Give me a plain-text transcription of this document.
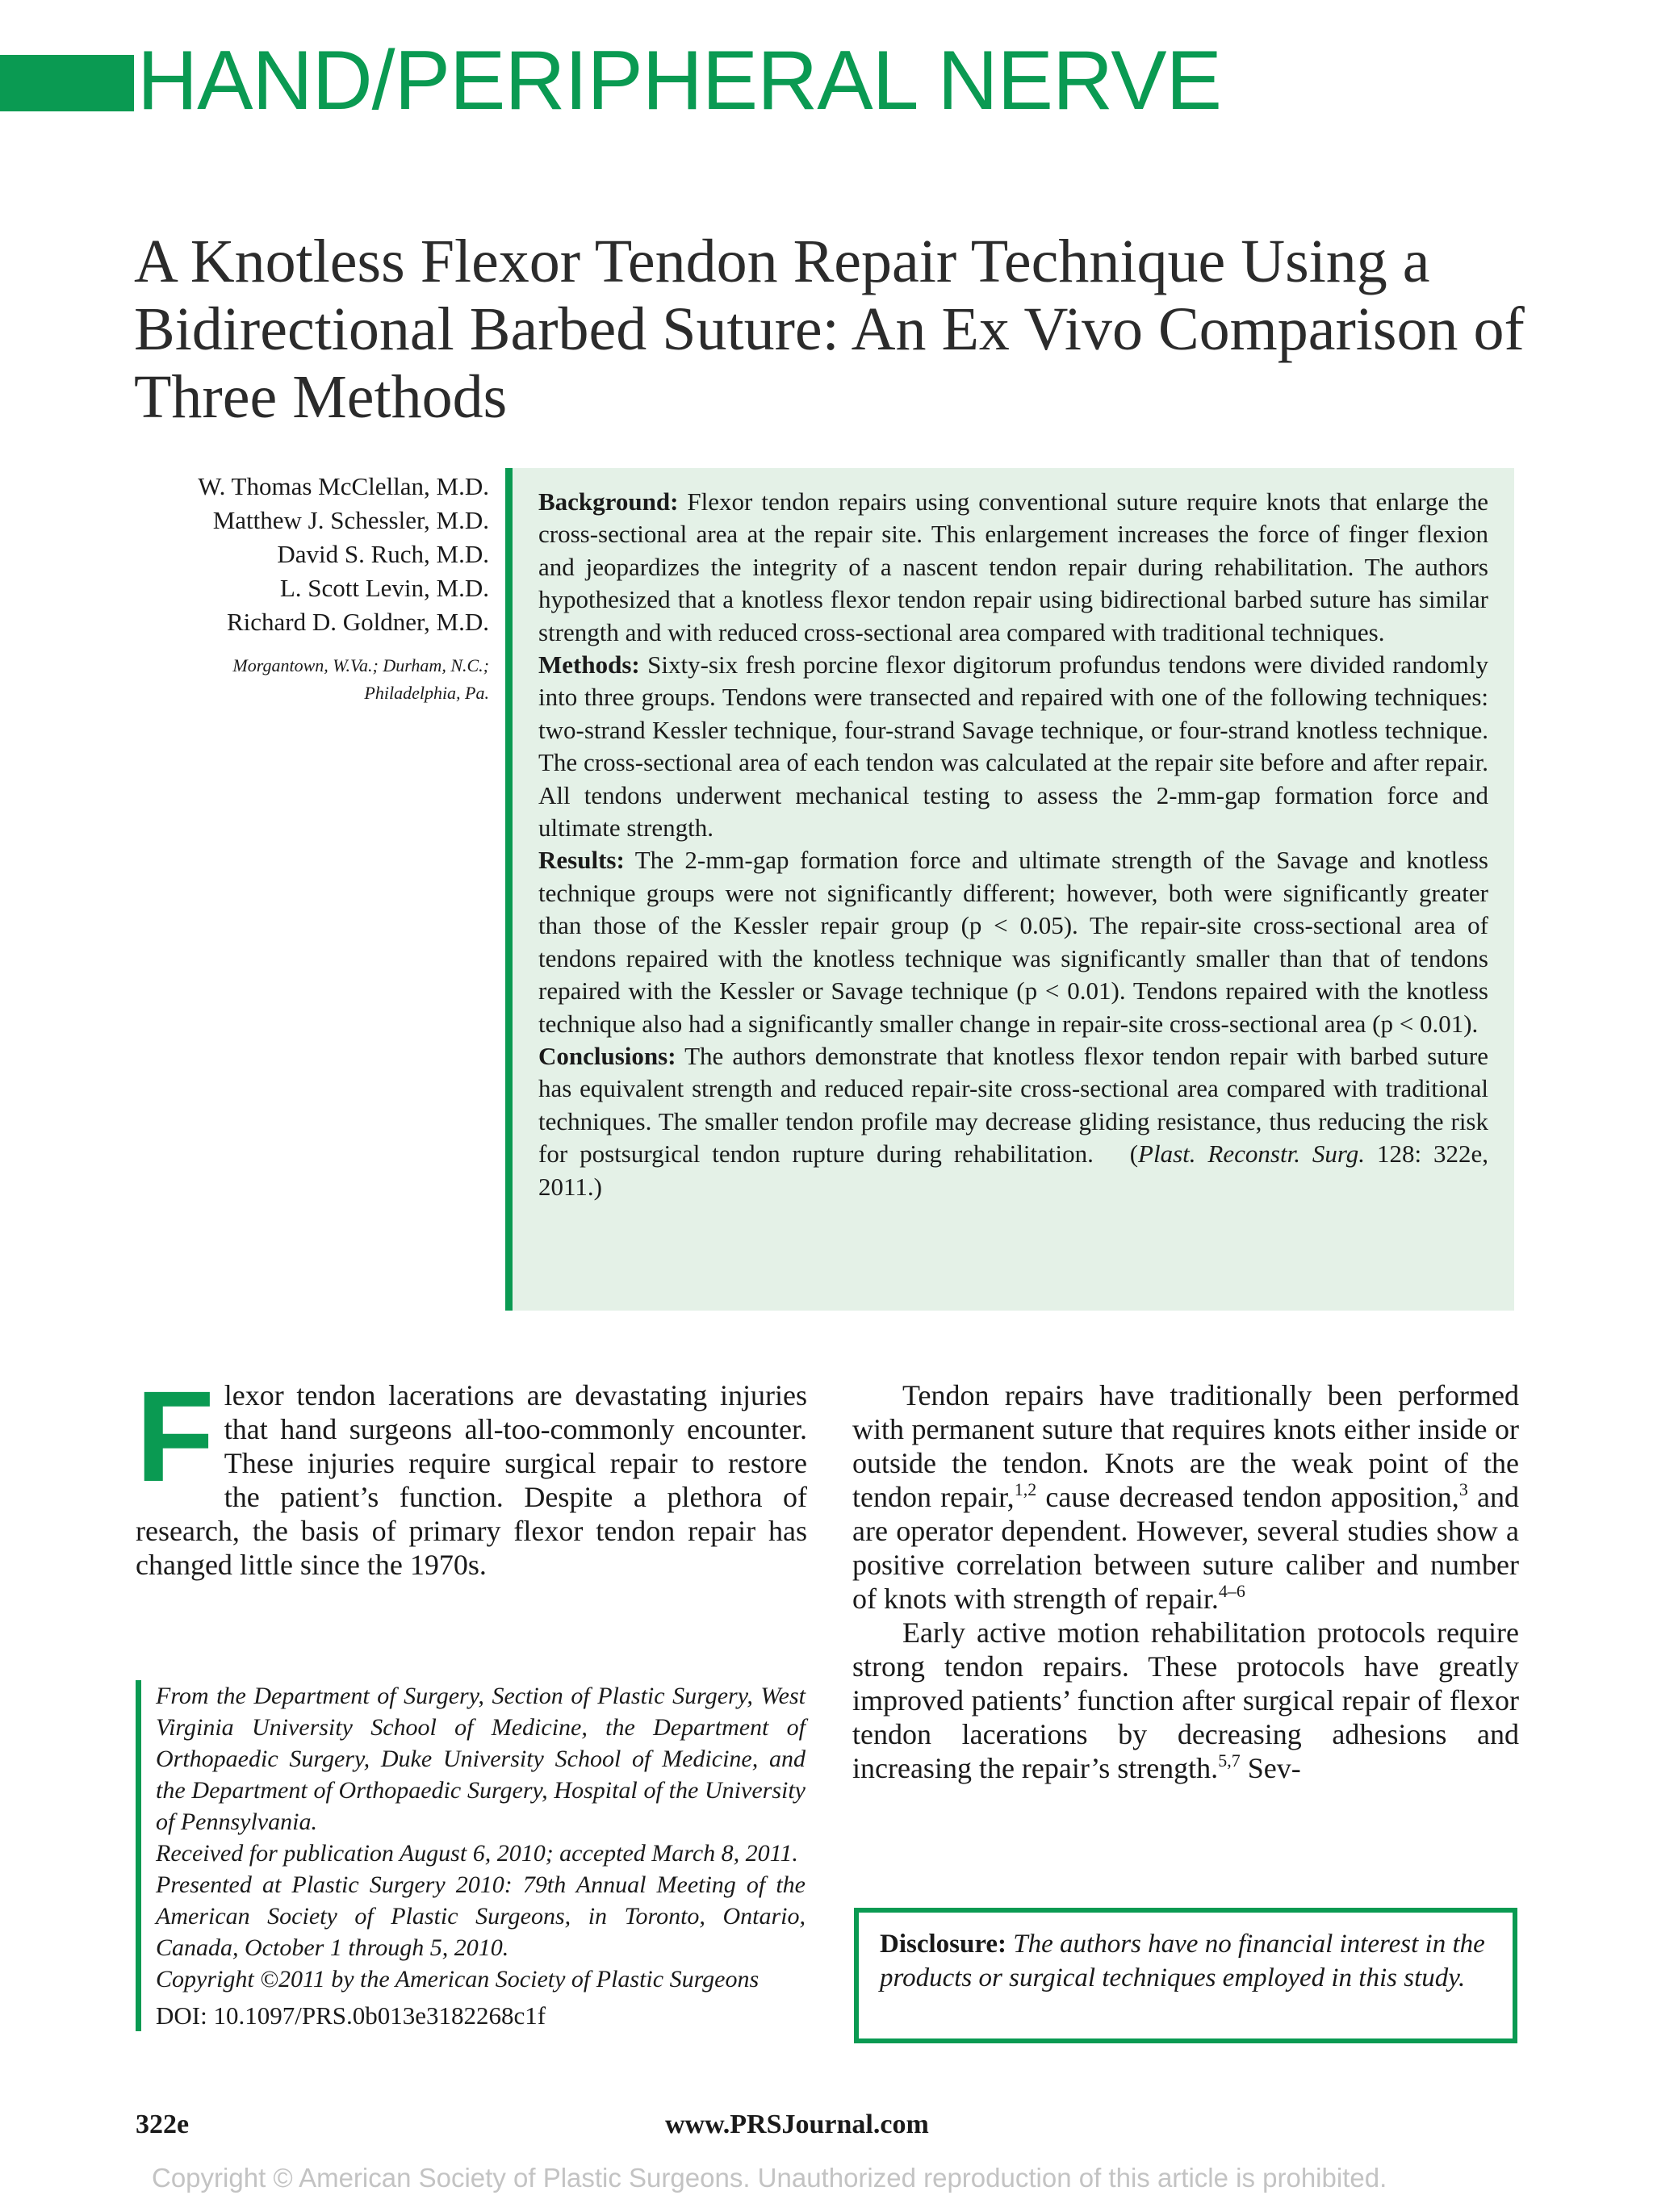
HAND/PERIPHERAL NERVE
A Knotless Flexor Tendon Repair Technique Using a Bidirectional Barbed Suture: An Ex Vivo Comparison of Three Methods
W. Thomas McClellan, M.D.
Matthew J. Schessler, M.D.
David S. Ruch, M.D.
L. Scott Levin, M.D.
Richard D. Goldner, M.D.
Morgantown, W.Va.; Durham, N.C.;
Philadelphia, Pa.

Background: Flexor tendon repairs using conventional suture require knots that enlarge the cross-sectional area at the repair site. This enlargement increases the force of finger flexion and jeopardizes the integrity of a nascent tendon repair during rehabilitation. The authors hypothesized that a knotless flexor tendon repair using bidirectional barbed suture has similar strength and with reduced cross-sectional area compared with traditional techniques.

Methods: Sixty-six fresh porcine flexor digitorum profundus tendons were divided randomly into three groups. Tendons were transected and repaired with one of the following techniques: two-strand Kessler technique, four-strand Savage technique, or four-strand knotless technique. The cross-sectional area of each tendon was calculated at the repair site before and after repair. All tendons underwent mechanical testing to assess the 2-mm-gap formation force and ultimate strength.

Results: The 2-mm-gap formation force and ultimate strength of the Savage and knotless technique groups were not significantly different; however, both were significantly greater than those of the Kessler repair group (p < 0.05). The repair-site cross-sectional area of tendons repaired with the knotless technique was significantly smaller than that of tendons repaired with the Kessler or Savage technique (p < 0.01). Tendons repaired with the knotless technique also had a significantly smaller change in repair-site cross-sectional area (p < 0.01).

Conclusions: The authors demonstrate that knotless flexor tendon repair with barbed suture has equivalent strength and reduced repair-site cross-sectional area compared with traditional techniques. The smaller tendon profile may decrease gliding resistance, thus reducing the risk for postsurgical tendon rupture during rehabilitation. (Plast. Reconstr. Surg. 128: 322e, 2011.)

Flexor tendon lacerations are devastating injuries that hand surgeons all-too-commonly encounter. These injuries require surgical repair to restore the patient’s function. Despite a plethora of research, the basis of primary flexor tendon repair has changed little since the 1970s.

Tendon repairs have traditionally been performed with permanent suture that requires knots either inside or outside the tendon. Knots are the weak point of the tendon repair,$^{1,2}$ cause decreased tendon apposition,$^3$ and are operator dependent. However, several studies show a positive correlation between suture caliber and number of knots with strength of repair.$^{4-6}$

Early active motion rehabilitation protocols require strong tendon repairs. These protocols have greatly improved patients’ function after surgical repair of flexor tendon lacerations by decreasing adhesions and increasing the repair’s strength.$^{5,7}$ Sev-

From the Department of Surgery, Section of Plastic Surgery, West Virginia University School of Medicine, the Department of Orthopaedic Surgery, Duke University School of Medicine, and the Department of Orthopaedic Surgery, Hospital of the University of Pennsylvania.

Received for publication August 6, 2010; accepted March 8, 2011.

Presented at Plastic Surgery 2010: 79th Annual Meeting of the American Society of Plastic Surgeons, in Toronto, Ontario, Canada, October 1 through 5, 2010.

Copyright ©2011 by the American Society of Plastic Surgeons

DOI: 10.1097/PRS.0b013e3182268c1f

Disclosure: The authors have no financial interest in the products or surgical techniques employed in this study.
322e	www.PRSJournal.com
Copyright © American Society of Plastic Surgeons. Unauthorized reproduction of this article is prohibited.
